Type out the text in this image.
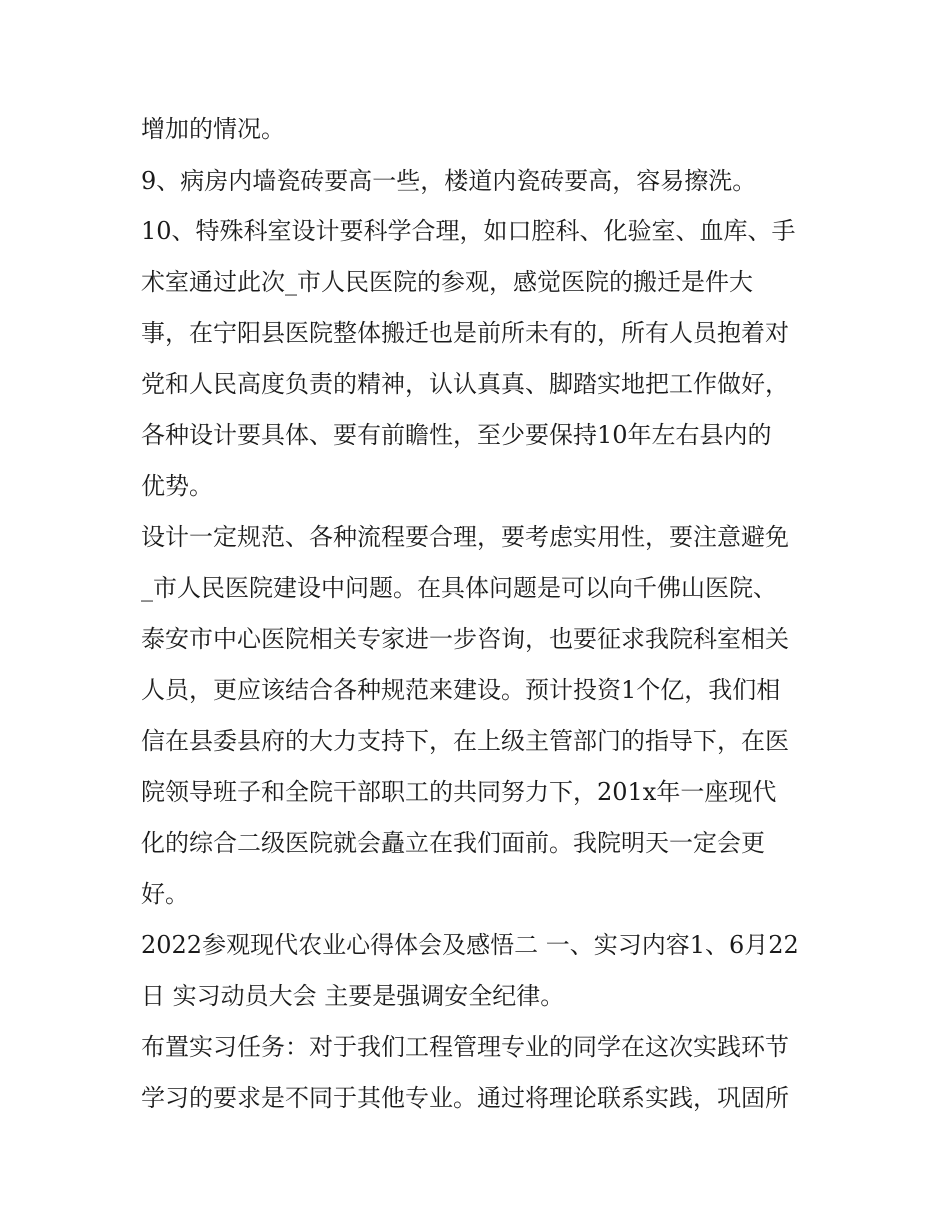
增加的情况。
9、病房内墙瓷砖要高一些，楼道内瓷砖要高，容易擦洗。
10、特殊科室设计要科学合理，如口腔科、化验室、血库、手
术室通过此次_市人民医院的参观，感觉医院的搬迁是件大
事，在宁阳县医院整体搬迁也是前所未有的，所有人员抱着对
党和人民高度负责的精神，认认真真、脚踏实地把工作做好，
各种设计要具体、要有前瞻性，至少要保持10年左右县内的
优势。
设计一定规范、各种流程要合理，要考虑实用性，要注意避免
_市人民医院建设中问题。在具体问题是可以向千佛山医院、
泰安市中心医院相关专家进一步咨询，也要征求我院科室相关
人员，更应该结合各种规范来建设。预计投资1个亿，我们相
信在县委县府的大力支持下，在上级主管部门的指导下，在医
院领导班子和全院干部职工的共同努力下，201x年一座现代
化的综合二级医院就会矗立在我们面前。我院明天一定会更
好。
2022参观现代农业心得体会及感悟二 一、实习内容1、6月22
日 实习动员大会 主要是强调安全纪律。
布置实习任务：对于我们工程管理专业的同学在这次实践环节
学习的要求是不同于其他专业。通过将理论联系实践，巩固所
